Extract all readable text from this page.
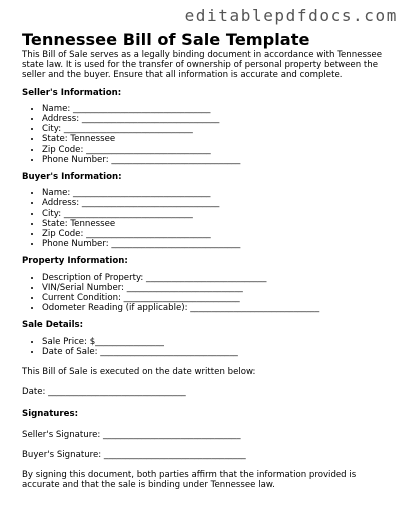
editablepdfdocs.com
Tennessee Bill of Sale Template

This Bill of Sale serves as a legally binding document in accordance with Tennessee state law. It is used for the transfer of ownership of personal property between the seller and the buyer. Ensure that all information is accurate and complete.

Seller's Information:
• Name: ________________________________
• Address: ________________________________
• City: ______________________________
• State: Tennessee
• Zip Code: _____________________________
• Phone Number: ______________________________
Buyer's Information:
• Name: ________________________________
• Address: ________________________________
• City: ______________________________
• State: Tennessee
• Zip Code: _____________________________
• Phone Number: ______________________________
Property Information:
• Description of Property: ____________________________
• VIN/Serial Number: ___________________________
• Current Condition: ___________________________
• Odometer Reading (if applicable): ______________________________
Sale Details:
• Sale Price: $________________
• Date of Sale: ________________________________

This Bill of Sale is executed on the date written below:

Date: ________________________________

Signatures:

Seller's Signature: ________________________________

Buyer's Signature: _________________________________

By signing this document, both parties affirm that the information provided is accurate and that the sale is binding under Tennessee law.
